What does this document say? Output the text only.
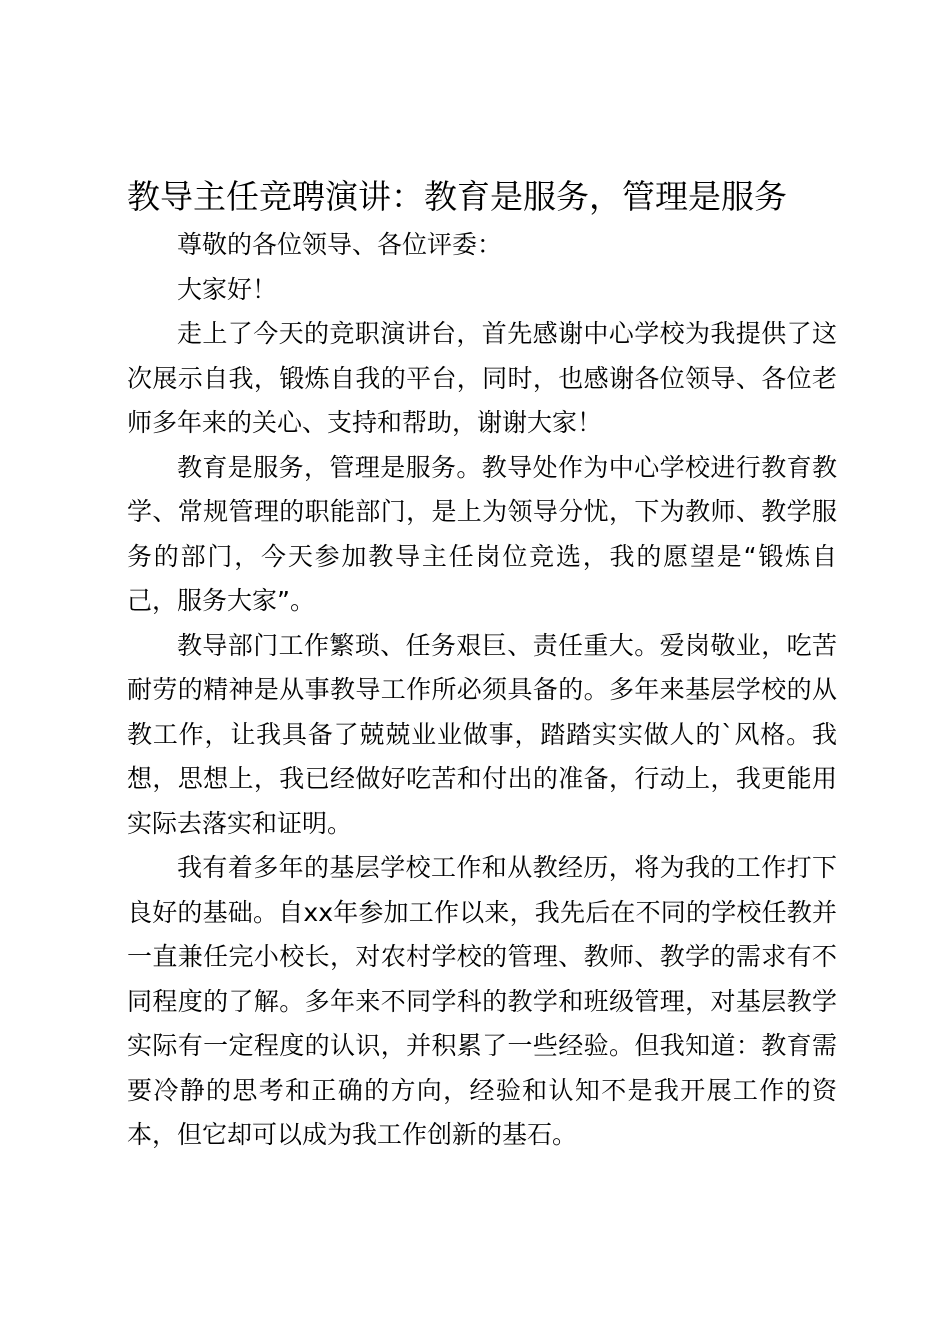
教导主任竞聘演讲：教育是服务，管理是服务

尊敬的各位领导、各位评委：

大家好！

走上了今天的竞职演讲台，首先感谢中心学校为我提供了这次展示自我，锻炼自我的平台，同时，也感谢各位领导、各位老师多年来的关心、支持和帮助，谢谢大家！

教育是服务，管理是服务。教导处作为中心学校进行教育教学、常规管理的职能部门，是上为领导分忧，下为教师、教学服务的部门，今天参加教导主任岗位竞选，我的愿望是“锻炼自己，服务大家”。

教导部门工作繁琐、任务艰巨、责任重大。爱岗敬业，吃苦耐劳的精神是从事教导工作所必须具备的。多年来基层学校的从教工作，让我具备了兢兢业业做事，踏踏实实做人的`风格。我想，思想上，我已经做好吃苦和付出的准备，行动上，我更能用实际去落实和证明。

我有着多年的基层学校工作和从教经历，将为我的工作打下良好的基础。自xx年参加工作以来，我先后在不同的学校任教并一直兼任完小校长，对农村学校的管理、教师、教学的需求有不同程度的了解。多年来不同学科的教学和班级管理，对基层教学实际有一定程度的认识，并积累了一些经验。但我知道：教育需要冷静的思考和正确的方向，经验和认知不是我开展工作的资本，但它却可以成为我工作创新的基石。
